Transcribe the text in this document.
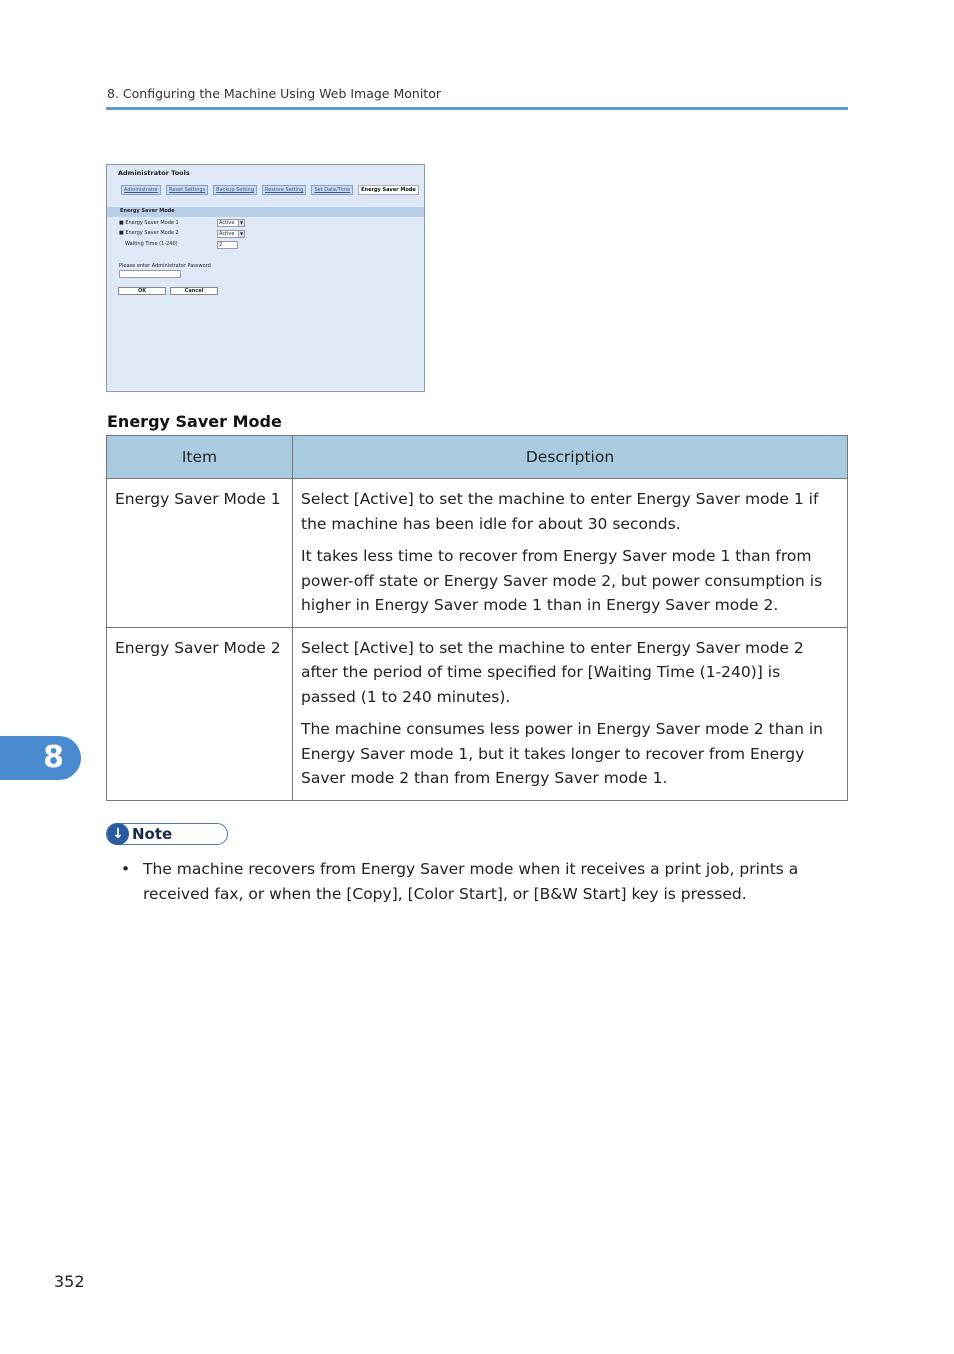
8. Configuring the Machine Using Web Image Monitor
Administrator Tools
Administrator	Reset Settings	Backup Setting	Restore Setting	Set Date/Time	Energy Saver Mode
Energy Saver Mode
■ Energy Saver Mode 1	Active	▼
■ Energy Saver Mode 2	Active	▼
Waiting Time (1-240)	2
Please enter Administrator Password
OK	Cancel
Energy Saver Mode
Item	Description
Energy Saver Mode 1	Select [Active] to set the machine to enter Energy Saver mode 1 if the machine has been idle for about 30 seconds.

It takes less time to recover from Energy Saver mode 1 than from power-off state or Energy Saver mode 2, but power consumption is higher in Energy Saver mode 1 than in Energy Saver mode 2.

Energy Saver Mode 2	Select [Active] to set the machine to enter Energy Saver mode 2 after the period of time specified for [Waiting Time (1-240)] is passed (1 to 240 minutes).

The machine consumes less power in Energy Saver mode 2 than in Energy Saver mode 1, but it takes longer to recover from Energy Saver mode 2 than from Energy Saver mode 1.

↓ Note
• The machine recovers from Energy Saver mode when it receives a print job, prints a received fax, or when the [Copy], [Color Start], or [B&W Start] key is pressed.
8
352
